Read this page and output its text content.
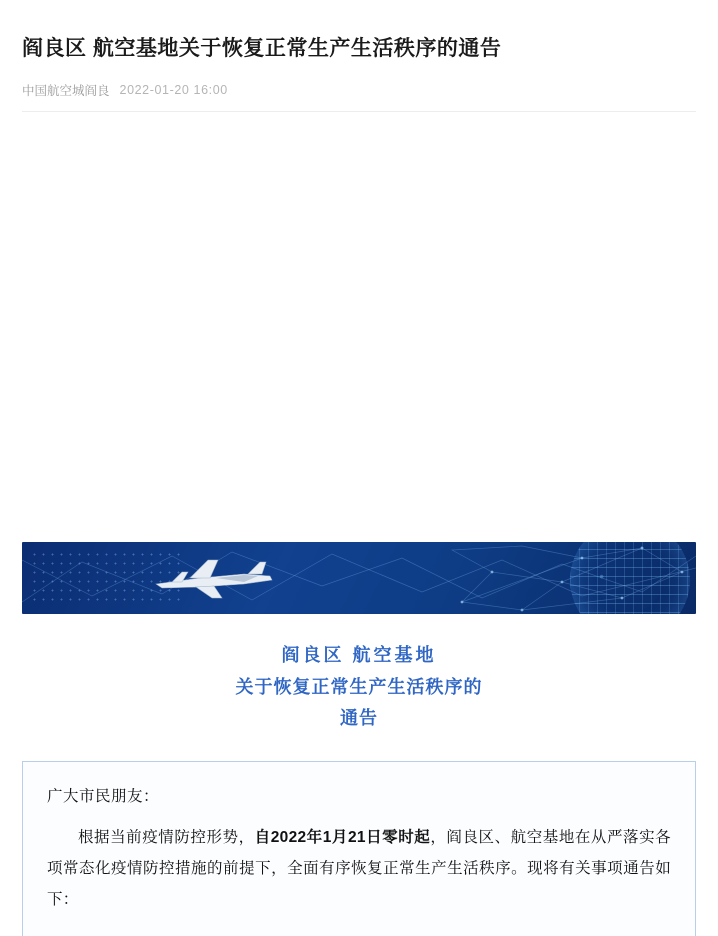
阎良区 航空基地关于恢复正常生产生活秩序的通告
中国航空城阎良 2022-01-20 16:00
阎良区 航空基地
关于恢复正常生产生活秩序的
通告
广大市民朋友：

根据当前疫情防控形势，自2022年1月21日零时起，阎良区、航空基地在从严落实各项常态化疫情防控措施的前提下，全面有序恢复正常生产生活秩序。现将有关事项通告如下：
